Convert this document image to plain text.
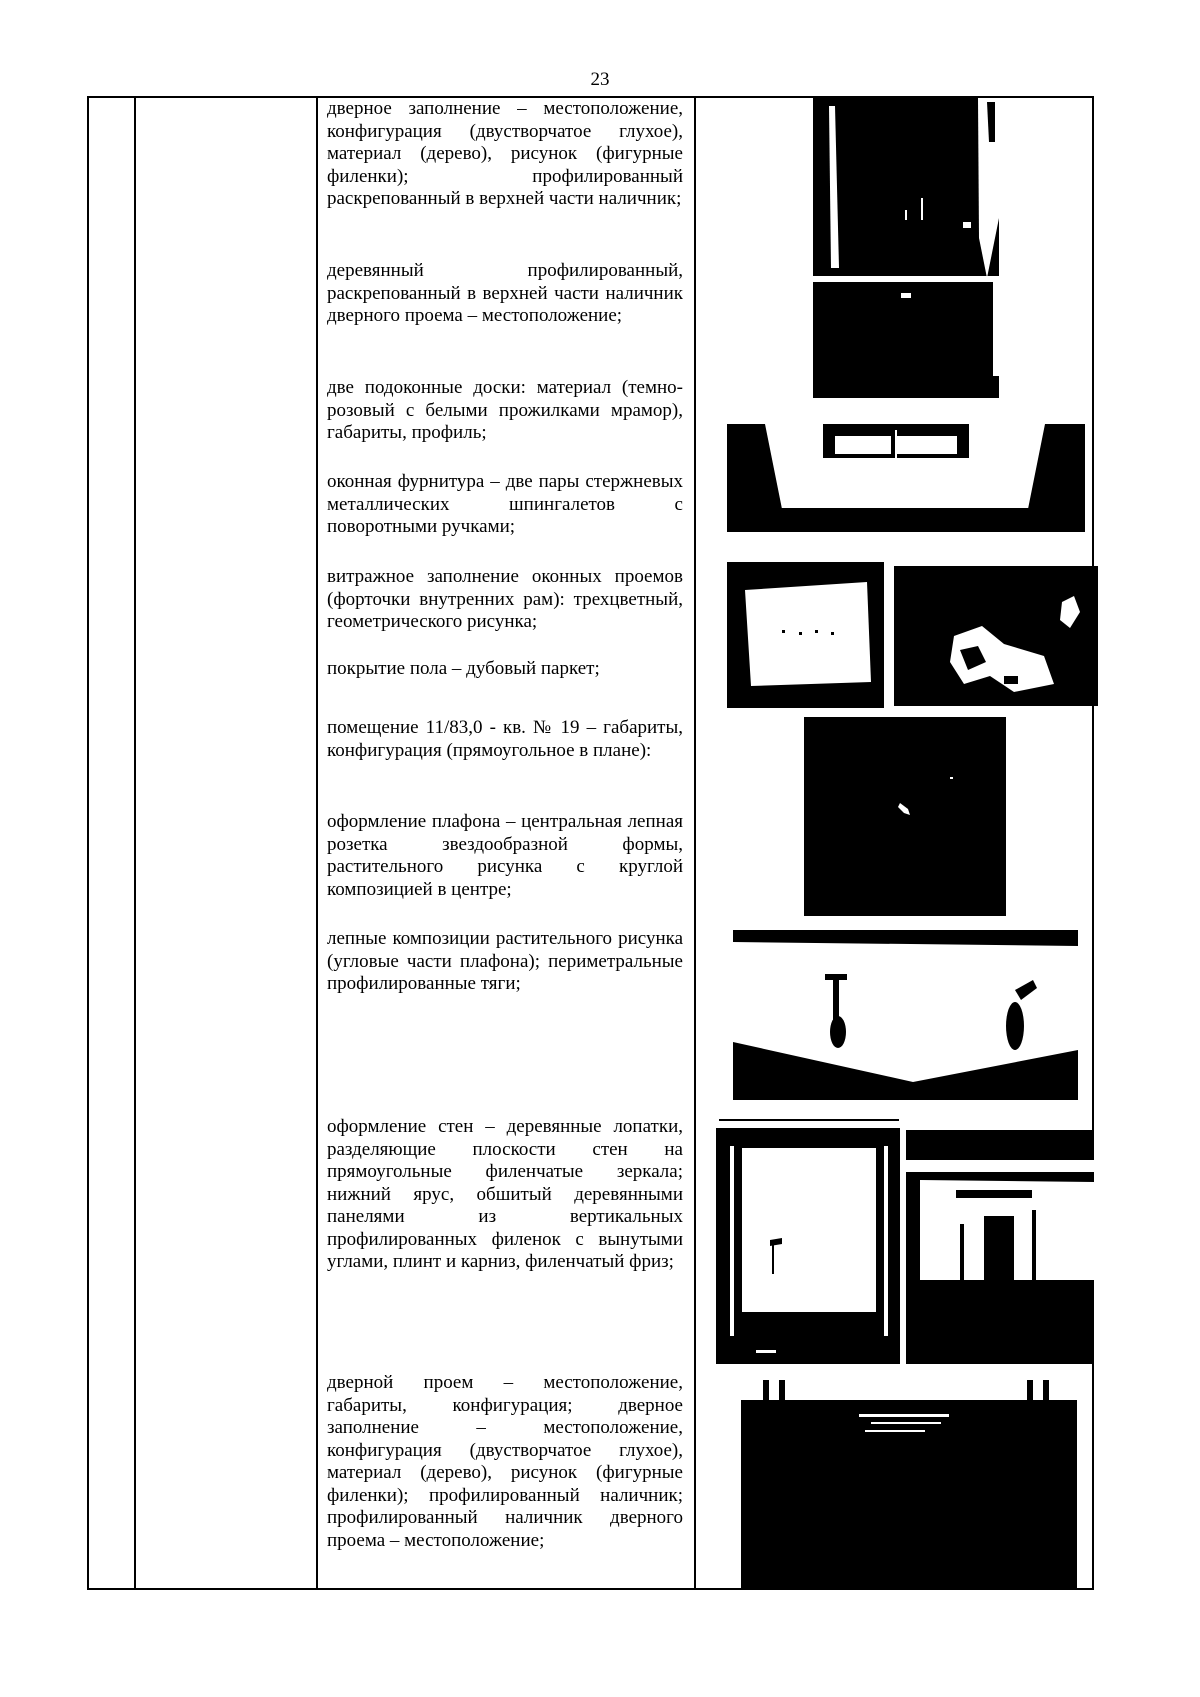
23

дверное заполнение – местоположение, конфигурация (двустворчатое глухое), материал (дерево), рисунок (фигурные филенки); профилированный раскрепованный в верхней части наличник;

деревянный профилированный, раскрепованный в верхней части наличник дверного проема – местоположение;

две подоконные доски: материал (темно-розовый с белыми прожилками мрамор), габариты, профиль;

оконная фурнитура – две пары стержневых металлических шпингалетов с поворотными ручками;

витражное заполнение оконных проемов (форточки внутренних рам): трехцветный, геометрического рисунка;

покрытие пола – дубовый паркет;

помещение 11/83,0 - кв. № 19 – габариты, конфигурация (прямоугольное в плане):

оформление плафона – центральная лепная розетка звездообразной формы, растительного рисунка с круглой композицией в центре;

лепные композиции растительного рисунка (угловые части плафона); периметральные профилированные тяги;

оформление стен – деревянные лопатки, разделяющие плоскости стен на прямоугольные филенчатые зеркала; нижний ярус, обшитый деревянными панелями из вертикальных профилированных филенок с вынутыми углами, плинт и карниз, филенчатый фриз;

дверной проем – местоположение, габариты, конфигурация; дверное заполнение – местоположение, конфигурация (двустворчатое глухое), материал (дерево), рисунок (фигурные филенки); профилированный наличник; профилированный наличник дверного проема – местоположение;
